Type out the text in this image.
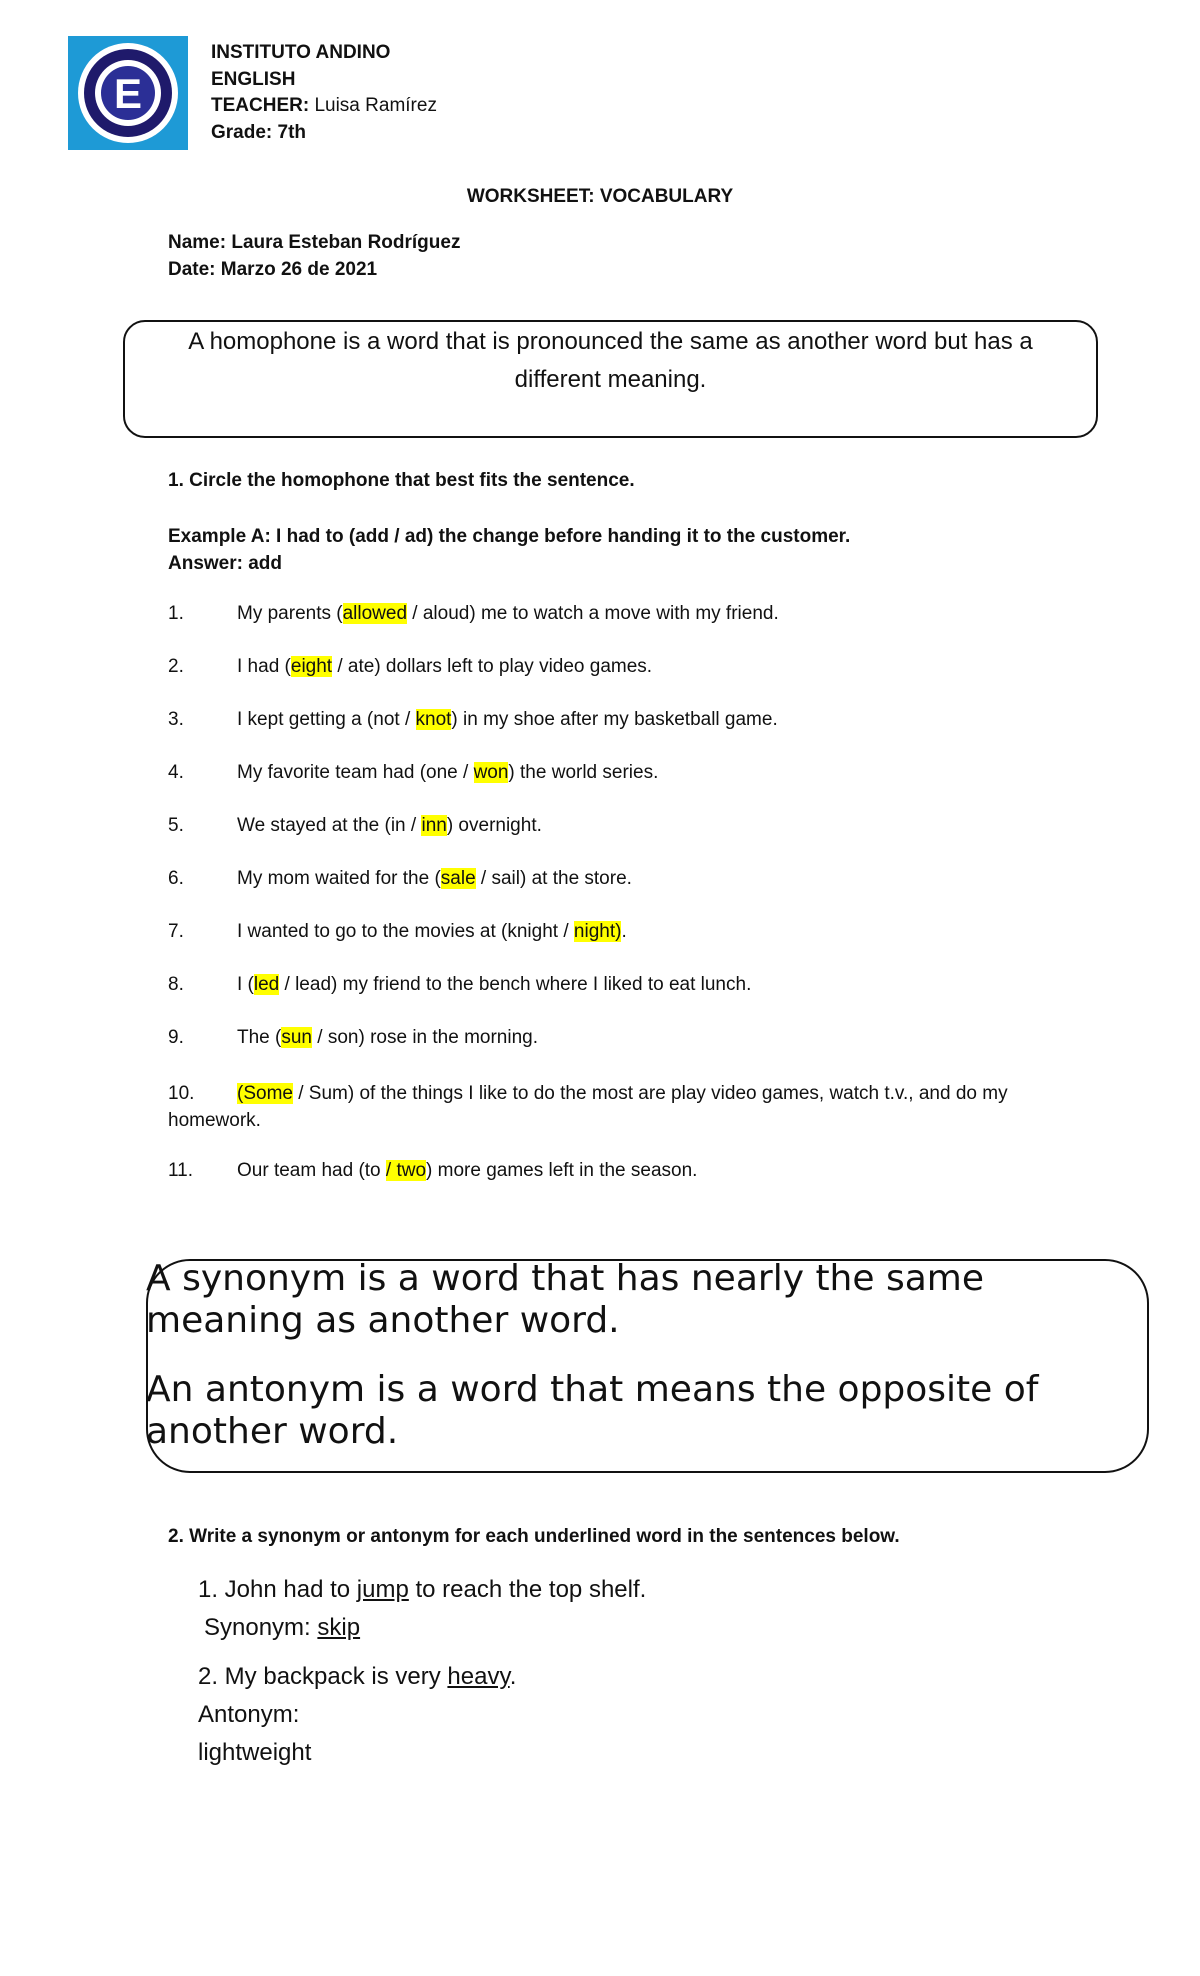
E
INSTITUTO ANDINO
ENGLISH
TEACHER: Luisa Ramírez
Grade: 7th
WORKSHEET: VOCABULARY
Name: Laura Esteban Rodríguez
Date: Marzo 26 de 2021
A homophone is a word that is pronounced the same as another word but has a different meaning.
1. Circle the homophone that best fits the sentence.
Example A: I had to (add / ad) the change before handing it to the customer.
Answer: add
1.	My parents (allowed / aloud) me to watch a move with my friend.
2.	I had (eight / ate) dollars left to play video games.
3.	I kept getting a (not / knot) in my shoe after my basketball game.
4.	My favorite team had (one / won) the world series.
5.	We stayed at the (in / inn) overnight.
6.	My mom waited for the (sale / sail) at the store.
7.	I wanted to go to the movies at (knight / night).
8.	I (led / lead) my friend to the bench where I liked to eat lunch.
9.	The (sun / son) rose in the morning.
10. (Some / Sum) of the things I like to do the most are play video games, watch t.v., and do my homework.
11. Our team had (to / two) more games left in the season.

A synonym is a word that has nearly the same meaning as another word.

An antonym is a word that means the opposite of another word.

2. Write a synonym or antonym for each underlined word in the sentences below.
1. John had to jump to reach the top shelf.
Synonym: skip
2. My backpack is very heavy.
Antonym:
lightweight
